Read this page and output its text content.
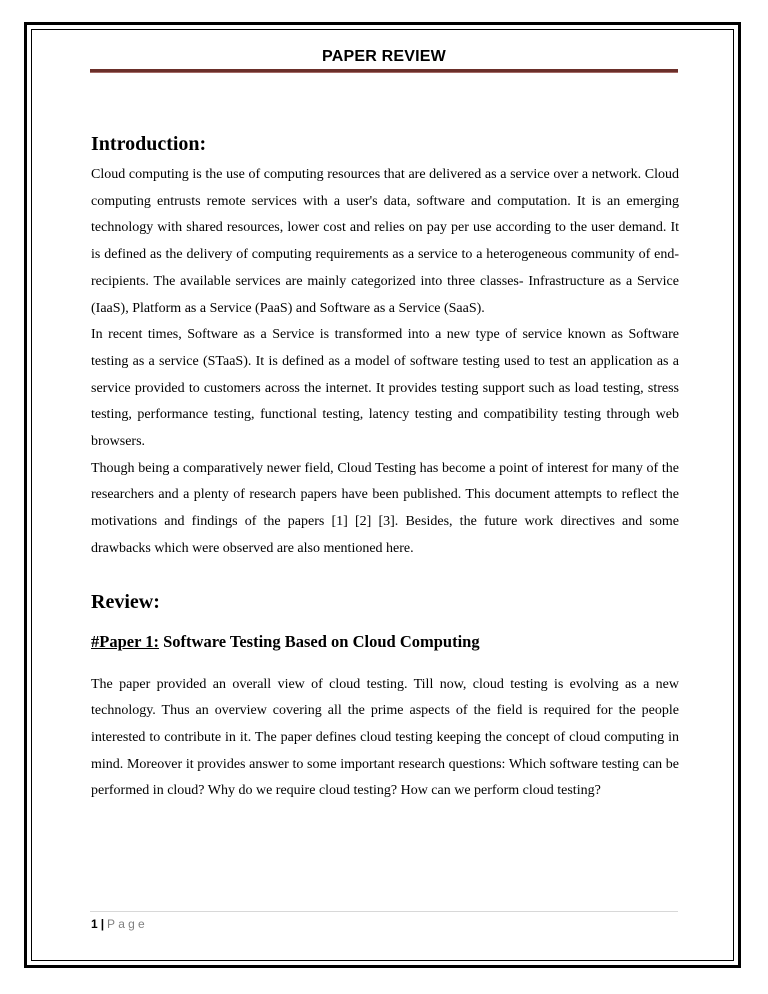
PAPER REVIEW
Introduction:

Cloud computing is the use of computing resources that are delivered as a service over a network. Cloud computing entrusts remote services with a user's data, software and computation. It is an emerging technology with shared resources, lower cost and relies on pay per use according to the user demand. It is defined as the delivery of computing requirements as a service to a heterogeneous community of end-recipients. The available services are mainly categorized into three classes- Infrastructure as a Service (IaaS), Platform as a Service (PaaS) and Software as a Service (SaaS).

In recent times, Software as a Service is transformed into a new type of service known as Software testing as a service (STaaS). It is defined as a model of software testing used to test an application as a service provided to customers across the internet. It provides testing support such as load testing, stress testing, performance testing, functional testing, latency testing and compatibility testing through web browsers.

Though being a comparatively newer field, Cloud Testing has become a point of interest for many of the researchers and a plenty of research papers have been published. This document attempts to reflect the motivations and findings of the papers [1] [2] [3]. Besides, the future work directives and some drawbacks which were observed are also mentioned here.

Review:
#Paper 1: Software Testing Based on Cloud Computing

The paper provided an overall view of cloud testing. Till now, cloud testing is evolving as a new technology. Thus an overview covering all the prime aspects of the field is required for the people interested to contribute in it. The paper defines cloud testing keeping the concept of cloud computing in mind. Moreover it provides answer to some important research questions: Which software testing can be performed in cloud? Why do we require cloud testing? How can we perform cloud testing?

1 | Page
